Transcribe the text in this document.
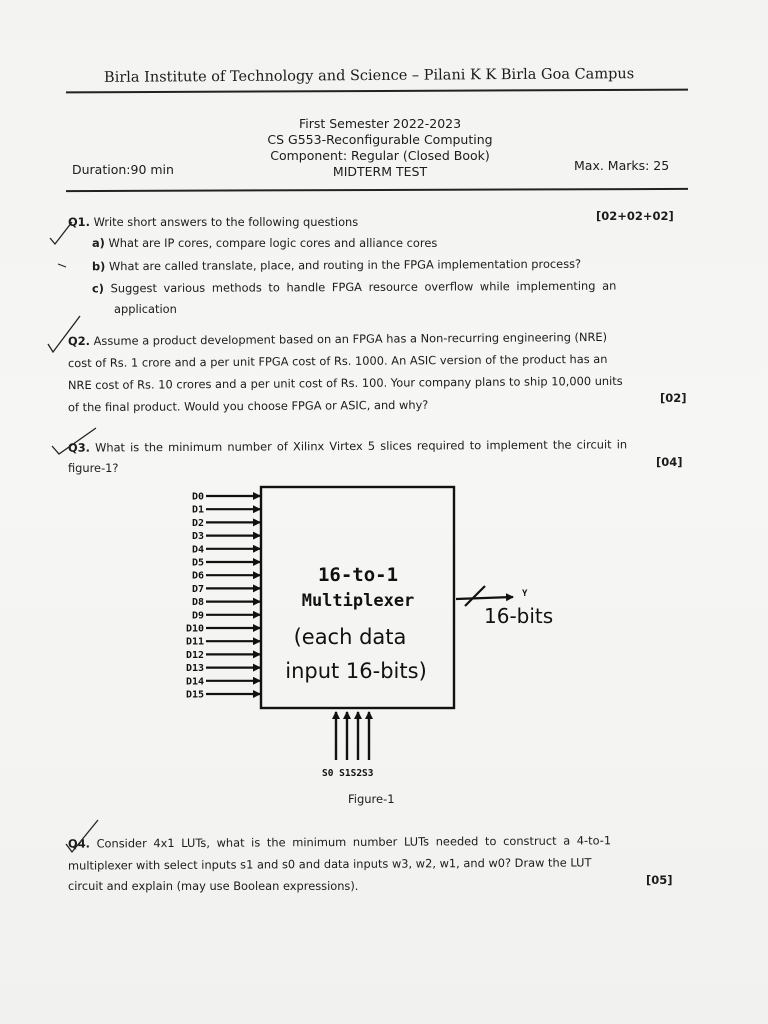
Birla Institute of Technology and Science – Pilani K K Birla Goa Campus
First Semester 2022-2023
CS G553-Reconfigurable Computing
Component: Regular (Closed Book)
MIDTERM TEST
Duration:90 min	Max. Marks: 25
Q1. Write short answers to the following questions	[02+02+02]
a) What are IP cores, compare logic cores and alliance cores
b) What are called translate, place, and routing in the FPGA implementation process?
c) Suggest various methods to handle FPGA resource overflow while implementing an
application
Q2. Assume a product development based on an FPGA has a Non-recurring engineering (NRE)
cost of Rs. 1 crore and a per unit FPGA cost of Rs. 1000. An ASIC version of the product has an
NRE cost of Rs. 10 crores and a per unit cost of Rs. 100. Your company plans to ship 10,000 units
of the final product. Would you choose FPGA or ASIC, and why?	[02]
Q3. What is the minimum number of Xilinx Virtex 5 slices required to implement the circuit in
figure-1?	[04]
D0
D1
D2
D3
D4
D5
D6
D7
D8
D9
D10
D11
D12
D13
D14
D15
16-to-1
Multiplexer
(each data
input 16-bits)
Y
16-bits
S0 S1S2S3
Figure-1
Q4. Consider 4x1 LUTs, what is the minimum number LUTs needed to construct a 4-to-1
multiplexer with select inputs s1 and s0 and data inputs w3, w2, w1, and w0? Draw the LUT
circuit and explain (may use Boolean expressions).	[05]
